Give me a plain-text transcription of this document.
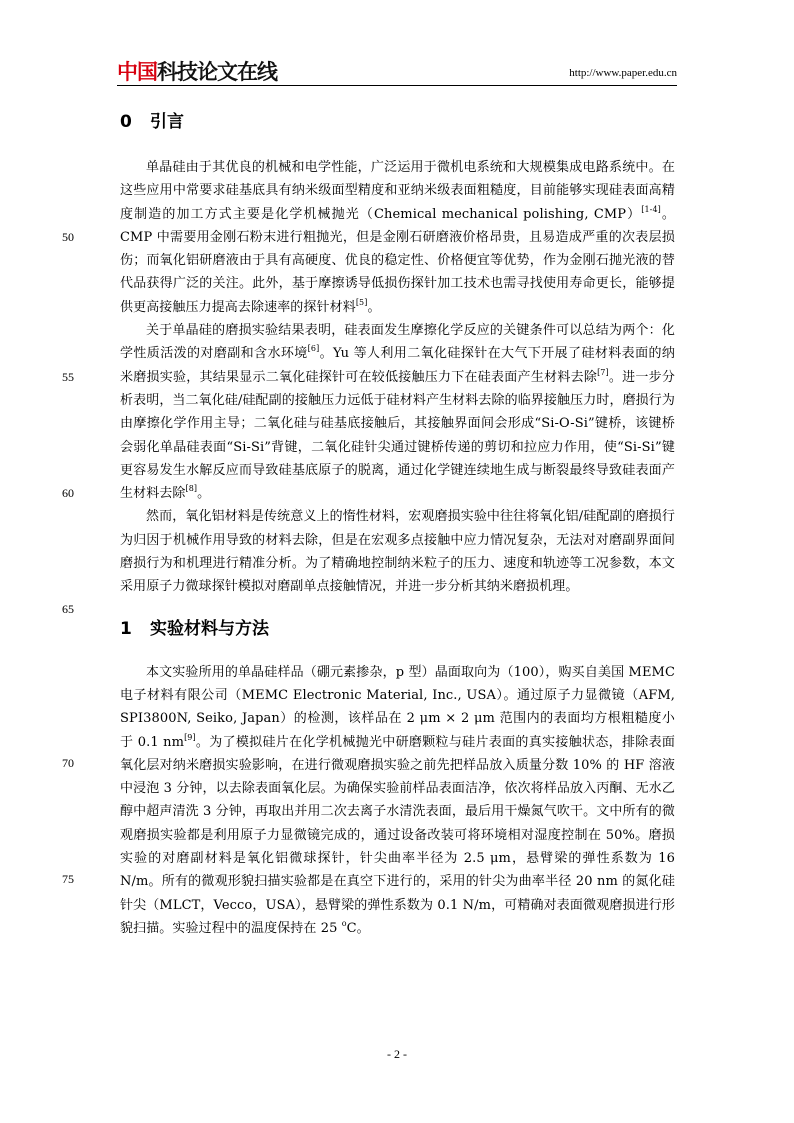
中国科技论文在线	http://www.paper.edu.cn
50
55
60
65
70
75
0 引言

单晶硅由于其优良的机械和电学性能，广泛运用于微机电系统和大规模集成电路系统中。在这些应用中常要求硅基底具有纳米级面型精度和亚纳米级表面粗糙度，目前能够实现硅表面高精度制造的加工方式主要是化学机械抛光（Chemical mechanical polishing, CMP）[1-4]。CMP 中需要用金刚石粉末进行粗抛光，但是金刚石研磨液价格昂贵，且易造成严重的次表层损伤；而氧化铝研磨液由于具有高硬度、优良的稳定性、价格便宜等优势，作为金刚石抛光液的替代品获得广泛的关注。此外，基于摩擦诱导低损伤探针加工技术也需寻找使用寿命更长，能够提供更高接触压力提高去除速率的探针材料[5]。

关于单晶硅的磨损实验结果表明，硅表面发生摩擦化学反应的关键条件可以总结为两个：化学性质活泼的对磨副和含水环境[6]。Yu 等人利用二氧化硅探针在大气下开展了硅材料表面的纳米磨损实验，其结果显示二氧化硅探针可在较低接触压力下在硅表面产生材料去除[7]。进一步分析表明，当二氧化硅/硅配副的接触压力远低于硅材料产生材料去除的临界接触压力时，磨损行为由摩擦化学作用主导；二氧化硅与硅基底接触后，其接触界面间会形成“Si-O-Si”键桥，该键桥会弱化单晶硅表面“Si-Si”背键，二氧化硅针尖通过键桥传递的剪切和拉应力作用，使“Si-Si”键更容易发生水解反应而导致硅基底原子的脱离，通过化学键连续地生成与断裂最终导致硅表面产生材料去除[8]。

然而，氧化铝材料是传统意义上的惰性材料，宏观磨损实验中往往将氧化铝/硅配副的磨损行为归因于机械作用导致的材料去除，但是在宏观多点接触中应力情况复杂，无法对对磨副界面间磨损行为和机理进行精准分析。为了精确地控制纳米粒子的压力、速度和轨迹等工况参数，本文采用原子力微球探针模拟对磨副单点接触情况，并进一步分析其纳米磨损机理。

1 实验材料与方法

本文实验所用的单晶硅样品（硼元素掺杂，p 型）晶面取向为（100），购买自美国 MEMC 电子材料有限公司（MEMC Electronic Material, Inc., USA）。通过原子力显微镜（AFM, SPI3800N, Seiko, Japan）的检测，该样品在 2 μm × 2 μm 范围内的表面均方根粗糙度小于 0.1 nm[9]。为了模拟硅片在化学机械抛光中研磨颗粒与硅片表面的真实接触状态，排除表面氧化层对纳米磨损实验影响，在进行微观磨损实验之前先把样品放入质量分数 10% 的 HF 溶液中浸泡 3 分钟，以去除表面氧化层。为确保实验前样品表面洁净，依次将样品放入丙酮、无水乙醇中超声清洗 3 分钟，再取出并用二次去离子水清洗表面，最后用干燥氮气吹干。文中所有的微观磨损实验都是利用原子力显微镜完成的，通过设备改装可将环境相对湿度控制在 50%。磨损实验的对磨副材料是氧化铝微球探针，针尖曲率半径为 2.5 μm，悬臂梁的弹性系数为 16 N/m。所有的微观形貌扫描实验都是在真空下进行的，采用的针尖为曲率半径 20 nm 的氮化硅针尖（MLCT，Vecco，USA），悬臂梁的弹性系数为 0.1 N/m，可精确对表面微观磨损进行形貌扫描。实验过程中的温度保持在 25 $^o$C。

- 2 -
